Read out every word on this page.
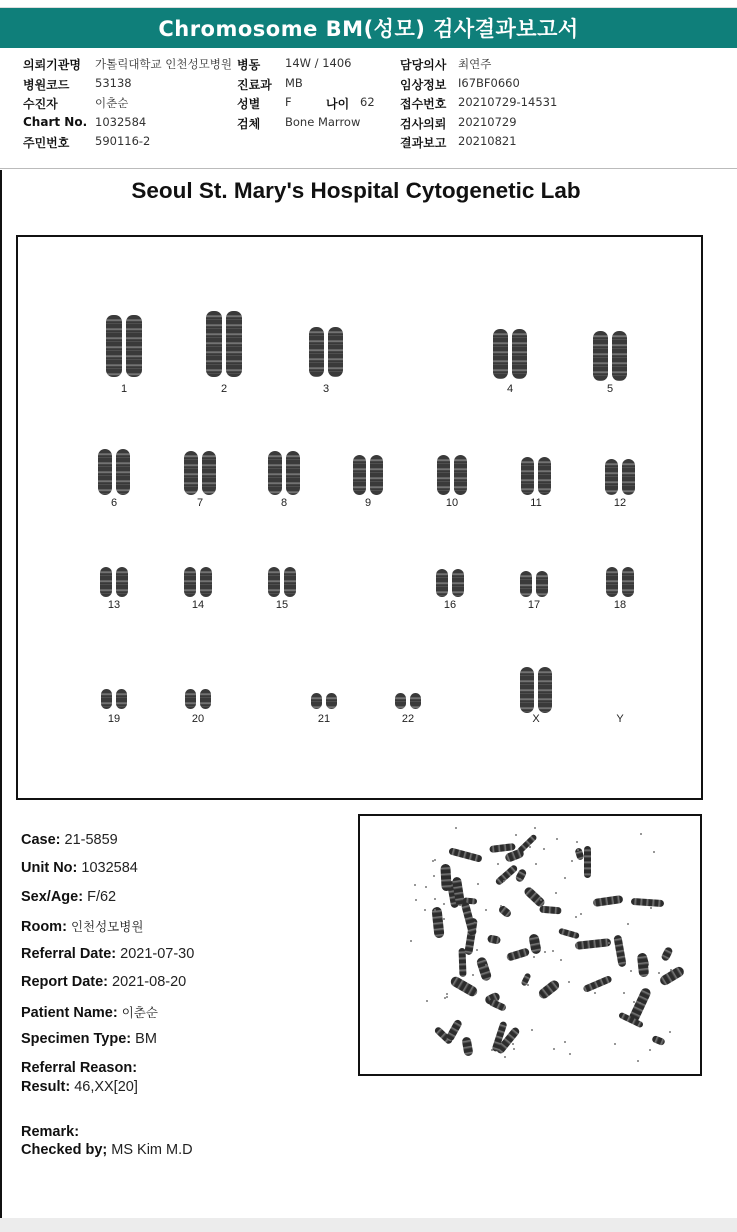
Chromosome BM(성모) 검사결과보고서
의뢰기관명 가톨릭대학교 인천성모병원
병원코드 53138
수진자	이춘순
Chart No. 1032584
주민번호 590116-2
병동 14W / 1406
진료과 MB
성별 F	나이 62
검체 Bone Marrow
담당의사 최연주
임상정보 I67BF0660
접수번호 20210729-14531
검사의뢰 20210729
결과보고 20210821
Seoul St. Mary's Hospital Cytogenetic Lab
1	2	3	4	5
6	7	8	9	10	11	12
13	14	15	16	17	18
19	20	21	22	X	Y
Case: 21-5859
Unit No: 1032584
Sex/Age: F/62
Room: 인천성모병원
Referral Date: 2021-07-30
Report Date: 2021-08-20
Patient Name: 이춘순
Specimen Type: BM
Referral Reason:
Result: 46,XX[20]
Remark:
Checked by; MS Kim M.D
